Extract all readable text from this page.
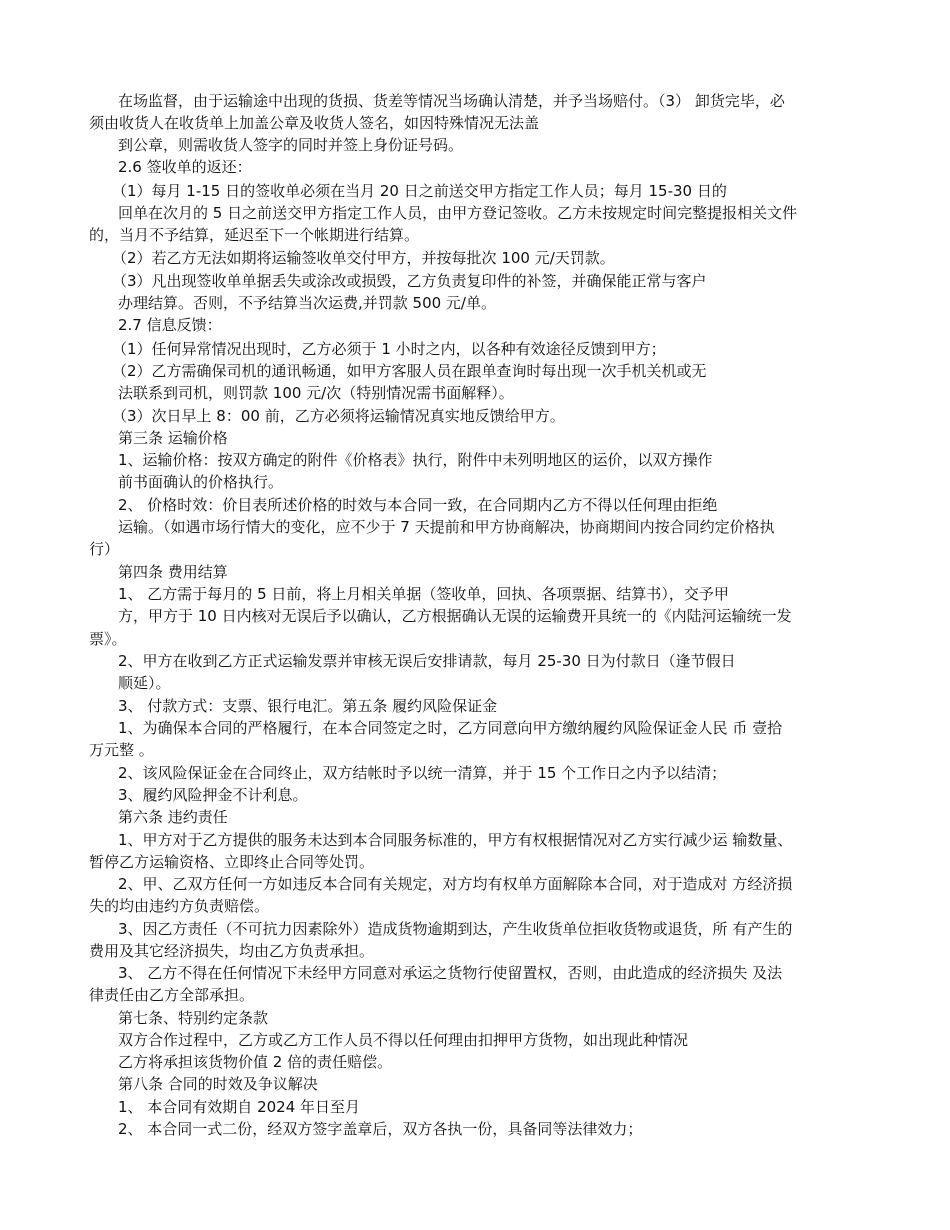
在场监督，由于运输途中出现的货损、货差等情况当场确认清楚，并予当场赔付。（3） 卸货完毕，必
须由收货人在收货单上加盖公章及收货人签名，如因特殊情况无法盖
到公章，则需收货人签字的同时并签上身份证号码。
2.6 签收单的返还：
（1）每月 1-15 日的签收单必须在当月 20 日之前送交甲方指定工作人员；每月 15-30 日的
回单在次月的 5 日之前送交甲方指定工作人员，由甲方登记签收。乙方未按规定时间完整提报相关文件
的，当月不予结算，延迟至下一个帐期进行结算。
（2）若乙方无法如期将运输签收单交付甲方，并按每批次 100 元/天罚款。
（3）凡出现签收单单据丢失或涂改或损毁，乙方负责复印件的补签，并确保能正常与客户
办理结算。否则，不予结算当次运费,并罚款 500 元/单。
2.7 信息反馈：
（1）任何异常情况出现时，乙方必须于 1 小时之内，以各种有效途径反馈到甲方；
（2）乙方需确保司机的通讯畅通，如甲方客服人员在跟单查询时每出现一次手机关机或无
法联系到司机，则罚款 100 元/次（特别情况需书面解释）。
（3）次日早上 8：00 前，乙方必须将运输情况真实地反馈给甲方。
第三条 运输价格
1、运输价格：按双方确定的附件《价格表》执行，附件中未列明地区的运价，以双方操作
前书面确认的价格执行。
2、 价格时效：价目表所述价格的时效与本合同一致，在合同期内乙方不得以任何理由拒绝
运输。（如遇市场行情大的变化，应不少于 7 天提前和甲方协商解决，协商期间内按合同约定价格执
行）
第四条 费用结算
1、 乙方需于每月的 5 日前，将上月相关单据（签收单，回执、各项票据、结算书），交予甲
方，甲方于 10 日内核对无误后予以确认，乙方根据确认无误的运输费开具统一的《内陆河运输统一发
票》。
2、甲方在收到乙方正式运输发票并审核无误后安排请款，每月 25-30 日为付款日（逢节假日
顺延）。
3、 付款方式：支票、银行电汇。第五条 履约风险保证金
1、为确保本合同的严格履行，在本合同签定之时，乙方同意向甲方缴纳履约风险保证金人民 币 壹拾
万元整 。
2、该风险保证金在合同终止，双方结帐时予以统一清算，并于 15 个工作日之内予以结清；
3、履约风险押金不计利息。
第六条 违约责任
1、甲方对于乙方提供的服务未达到本合同服务标准的，甲方有权根据情况对乙方实行减少运 输数量、
暂停乙方运输资格、立即终止合同等处罚。
2、甲、乙双方任何一方如违反本合同有关规定，对方均有权单方面解除本合同，对于造成对 方经济损
失的均由违约方负责赔偿。
3、因乙方责任（不可抗力因素除外）造成货物逾期到达，产生收货单位拒收货物或退货，所 有产生的
费用及其它经济损失，均由乙方负责承担。
3、 乙方不得在任何情况下未经甲方同意对承运之货物行使留置权，否则，由此造成的经济损失 及法
律责任由乙方全部承担。
第七条、特别约定条款
双方合作过程中，乙方或乙方工作人员不得以任何理由扣押甲方货物，如出现此种情况
乙方将承担该货物价值 2 倍的责任赔偿。
第八条 合同的时效及争议解决
1、 本合同有效期自 2024 年日至月
2、 本合同一式二份，经双方签字盖章后，双方各执一份，具备同等法律效力；
